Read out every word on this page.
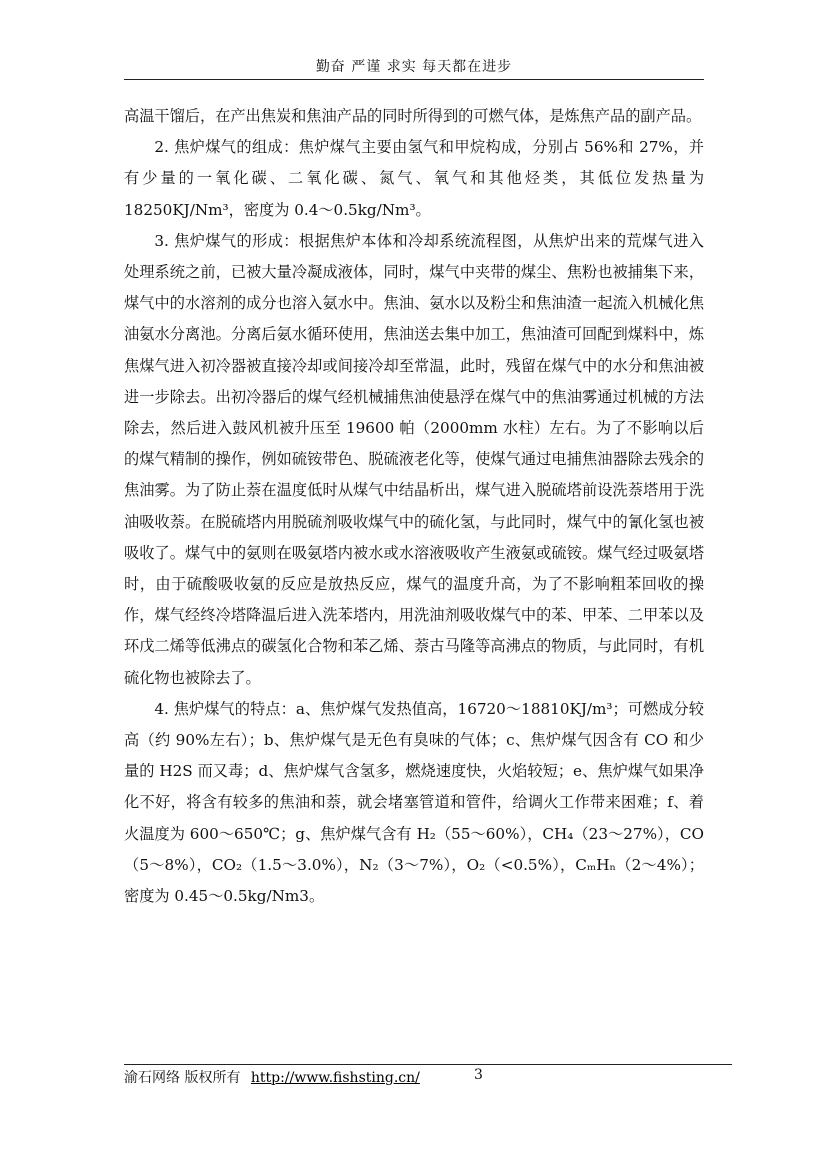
勤奋 严谨 求实 每天都在进步

高温干馏后，在产出焦炭和焦油产品的同时所得到的可燃气体，是炼焦产品的副产品。

2. 焦炉煤气的组成：焦炉煤气主要由氢气和甲烷构成，分别占 56%和 27%，并有少量的一氧化碳、二氧化碳、氮气、氧气和其他烃类，其低位发热量为 18250KJ/Nm³，密度为 0.4～0.5kg/Nm³。

3. 焦炉煤气的形成：根据焦炉本体和冷却系统流程图，从焦炉出来的荒煤气进入处理系统之前，已被大量冷凝成液体，同时，煤气中夹带的煤尘、焦粉也被捕集下来，煤气中的水溶剂的成分也溶入氨水中。焦油、氨水以及粉尘和焦油渣一起流入机械化焦油氨水分离池。分离后氨水循环使用，焦油送去集中加工，焦油渣可回配到煤料中，炼焦煤气进入初冷器被直接冷却或间接冷却至常温，此时，残留在煤气中的水分和焦油被进一步除去。出初冷器后的煤气经机械捕焦油使悬浮在煤气中的焦油雾通过机械的方法除去，然后进入鼓风机被升压至 19600 帕（2000mm 水柱）左右。为了不影响以后的煤气精制的操作，例如硫铵带色、脱硫液老化等，使煤气通过电捕焦油器除去残余的焦油雾。为了防止萘在温度低时从煤气中结晶析出，煤气进入脱硫塔前设洗萘塔用于洗油吸收萘。在脱硫塔内用脱硫剂吸收煤气中的硫化氢，与此同时，煤气中的氰化氢也被吸收了。煤气中的氨则在吸氨塔内被水或水溶液吸收产生液氨或硫铵。煤气经过吸氨塔时，由于硫酸吸收氨的反应是放热反应，煤气的温度升高，为了不影响粗苯回收的操作，煤气经终冷塔降温后进入洗苯塔内，用洗油剂吸收煤气中的苯、甲苯、二甲苯以及环戊二烯等低沸点的碳氢化合物和苯乙烯、萘古马隆等高沸点的物质，与此同时，有机硫化物也被除去了。

4. 焦炉煤气的特点：a、焦炉煤气发热值高，16720～18810KJ/m³；可燃成分较高（约 90%左右）；b、焦炉煤气是无色有臭味的气体；c、焦炉煤气因含有 CO 和少量的 H2S 而又毒；d、焦炉煤气含氢多，燃烧速度快，火焰较短；e、焦炉煤气如果净化不好，将含有较多的焦油和萘，就会堵塞管道和管件，给调火工作带来困难；f、着火温度为 600～650℃；g、焦炉煤气含有 H₂（55～60%），CH₄（23～27%），CO（5～8%），CO₂（1.5～3.0%），N₂（3～7%），O₂（<0.5%），CₘHₙ（2～4%）；密度为 0.45～0.5kg/Nm3。

渝石网络 版权所有 http://www.fishsting.cn/	3
